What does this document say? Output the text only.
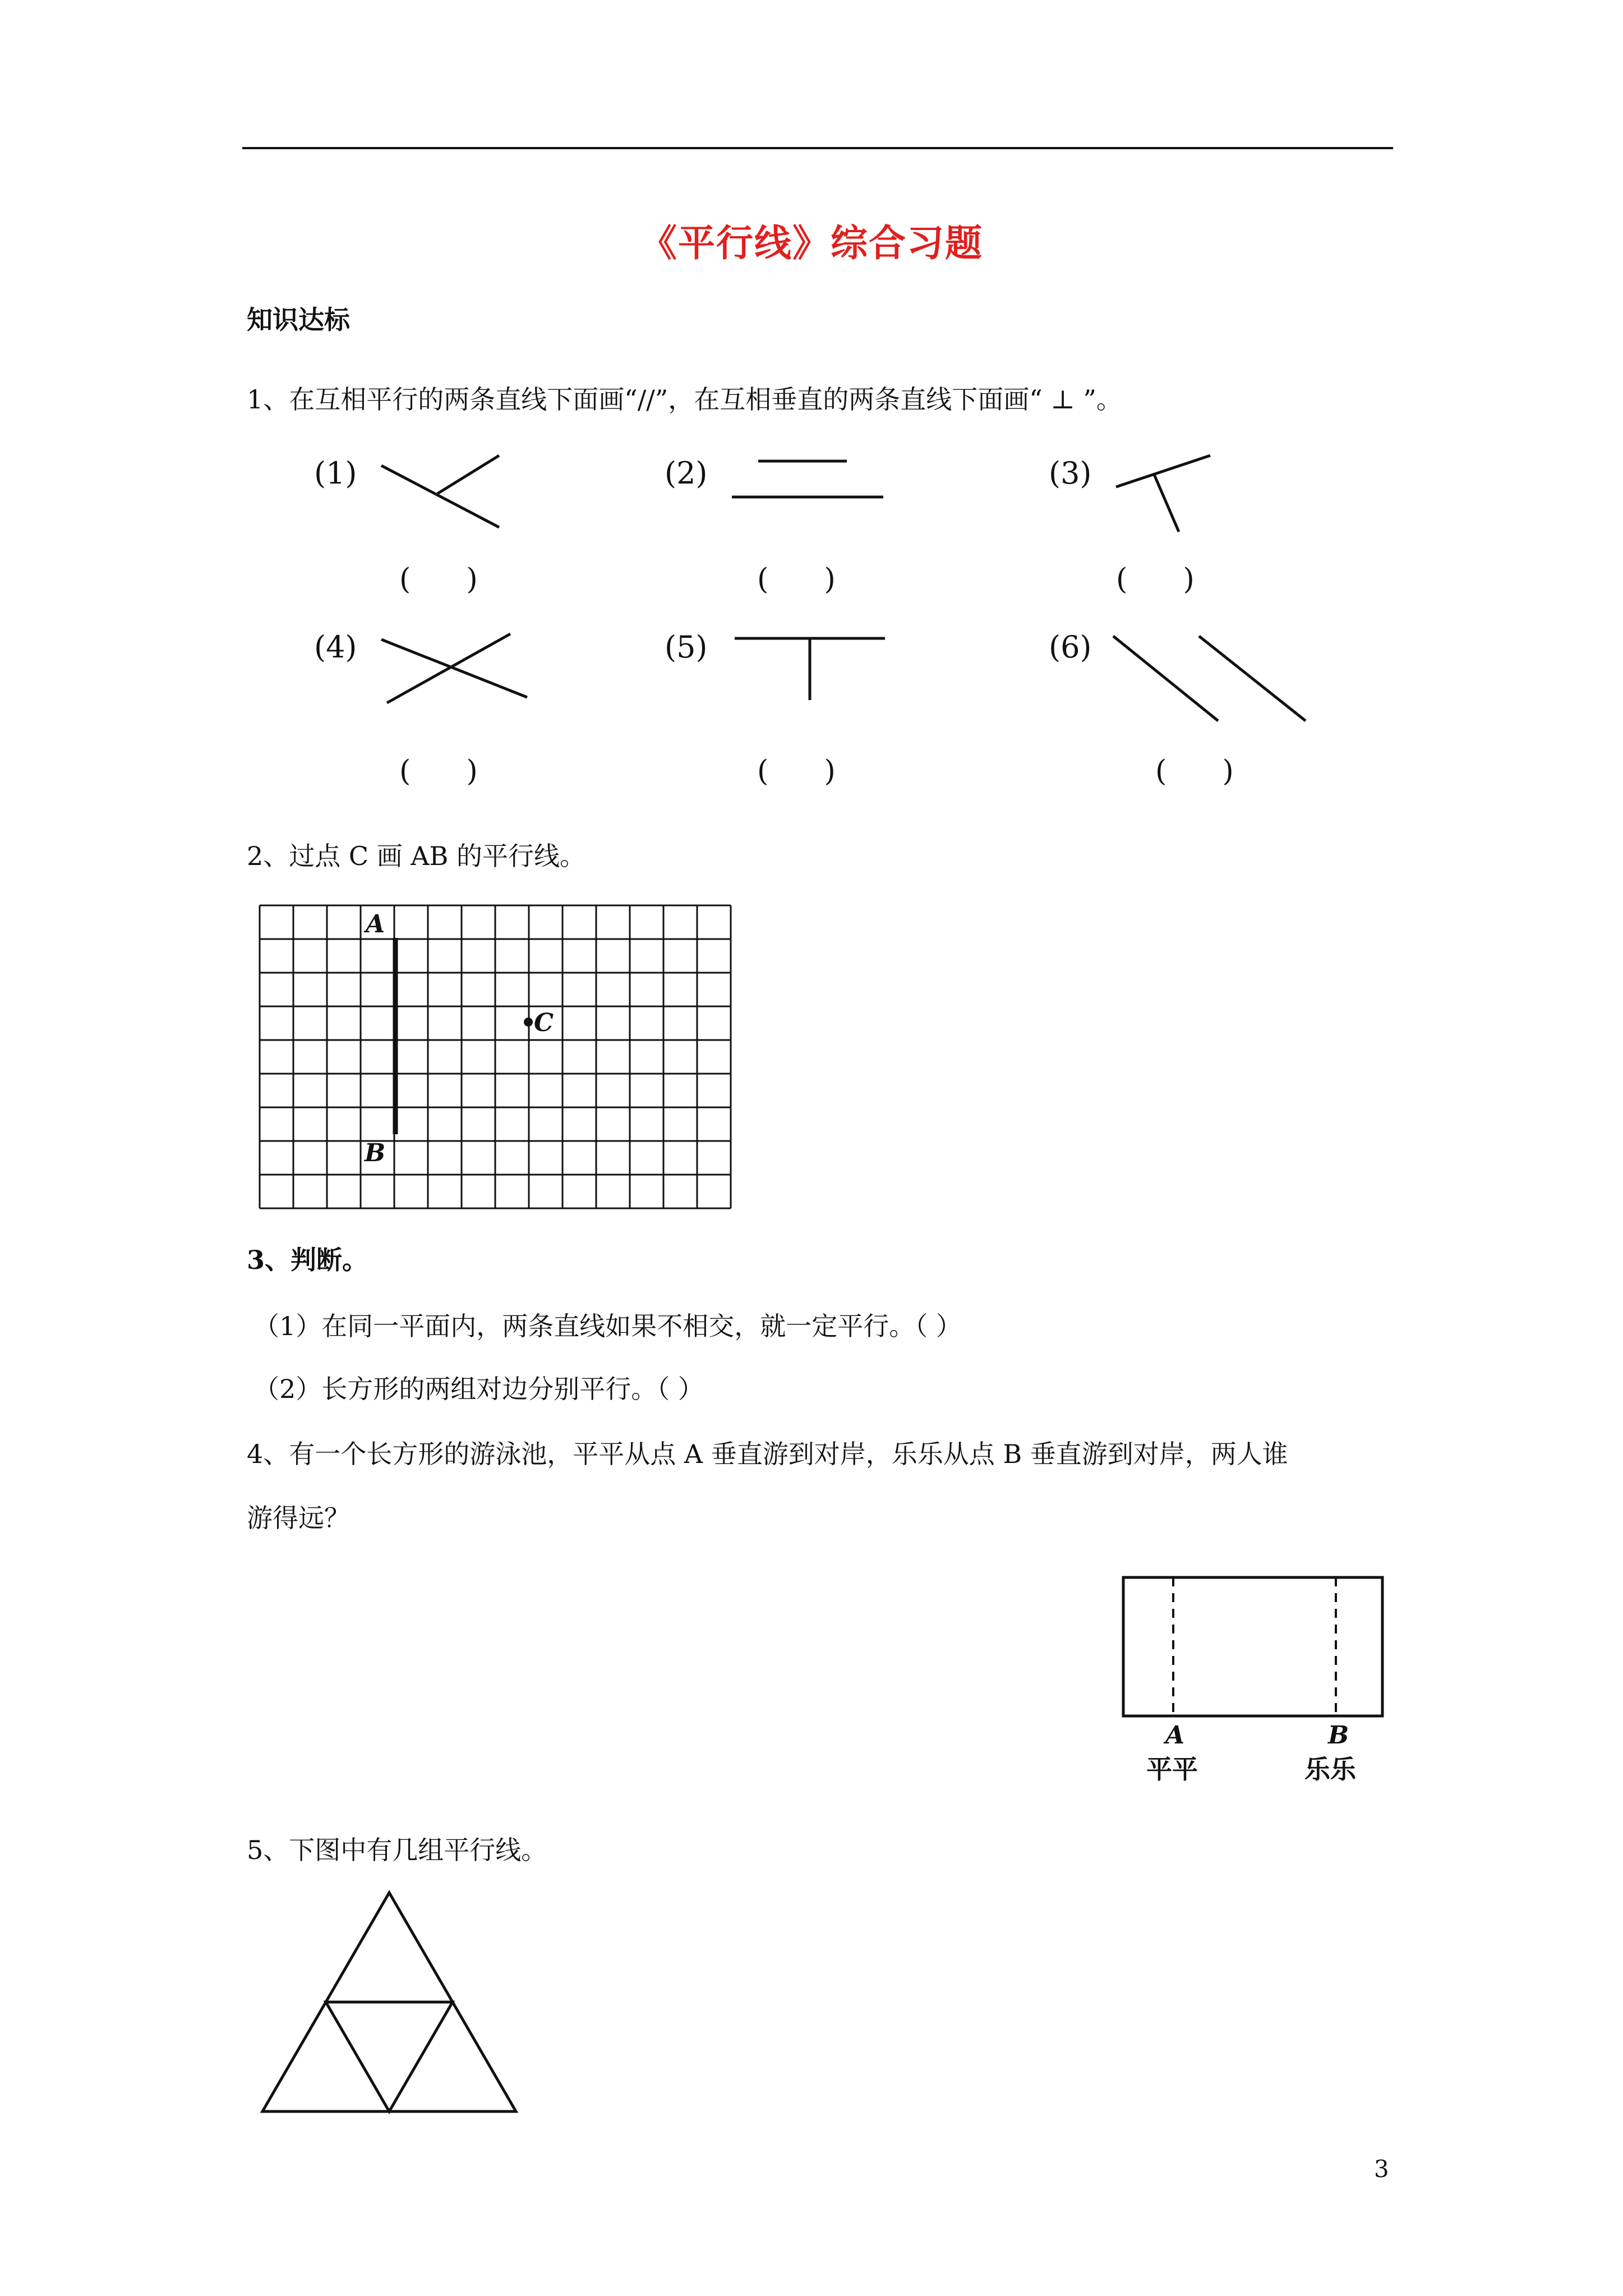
《平行线》综合习题
知识达标
1、在互相平行的两条直线下面画“//”，在互相垂直的两条直线下面画“ ⊥ ”。
(1)	(2)	(3)
(4)	(5)	(6)
(      )	(      )	(      )
(      )	(      )	(      )
2、过点 C 画 AB 的平行线。
A
B
C
3、判断。
（1）在同一平面内，两条直线如果不相交，就一定平行。（ ）
（2）长方形的两组对边分别平行。（ ）
4、有一个长方形的游泳池，平平从点 A 垂直游到对岸，乐乐从点 B 垂直游到对岸，两人谁
游得远？
A	B
平平	乐乐
5、下图中有几组平行线。
3
